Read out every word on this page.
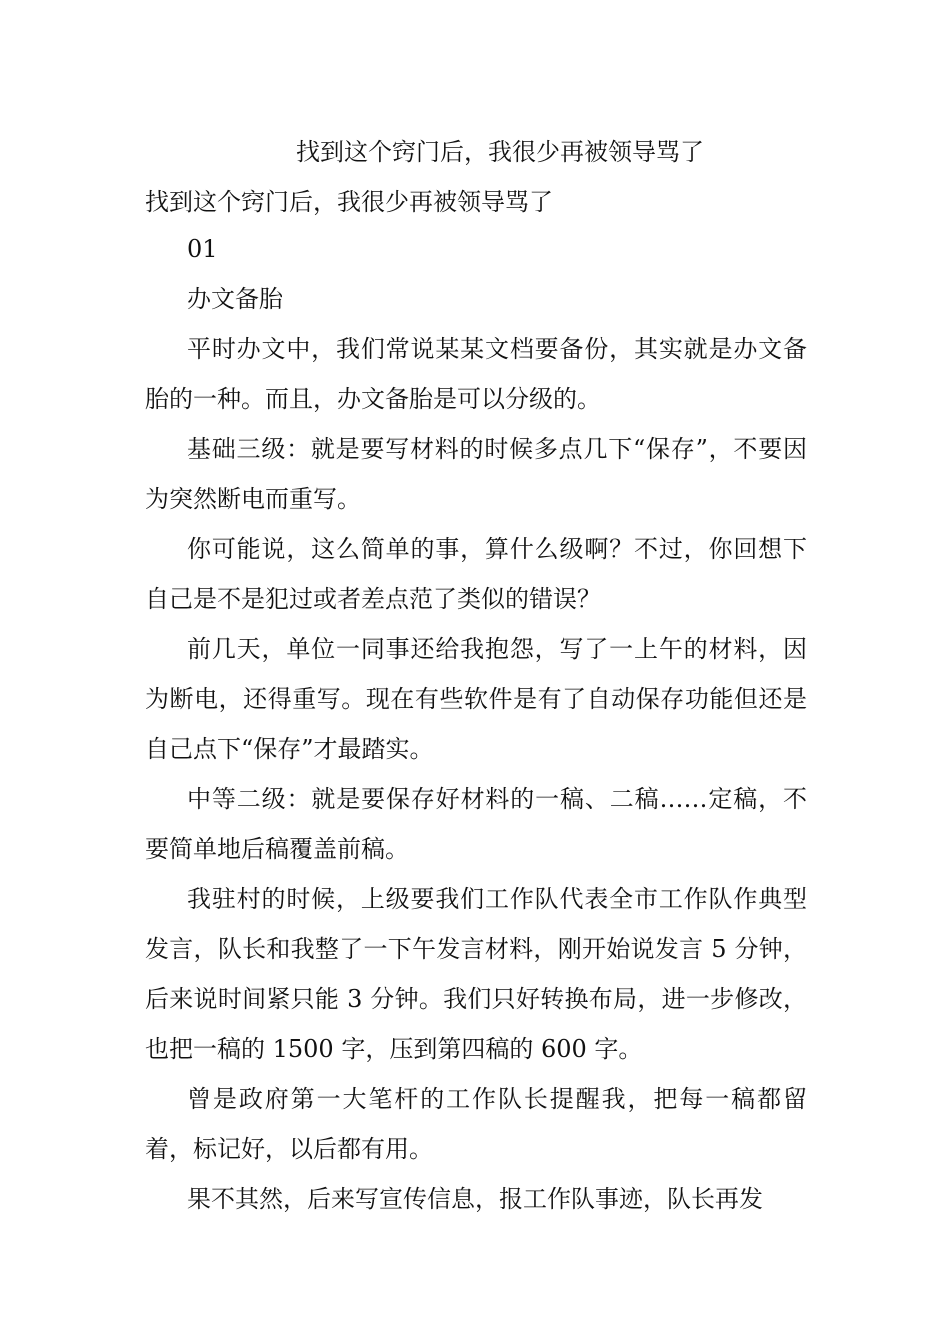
找到这个窍门后，我很少再被领导骂了

找到这个窍门后，我很少再被领导骂了

01

办文备胎

平时办文中，我们常说某某文档要备份，其实就是办文备胎的一种。而且，办文备胎是可以分级的。

基础三级：就是要写材料的时候多点几下“保存”，不要因为突然断电而重写。

你可能说，这么简单的事，算什么级啊？不过，你回想下自己是不是犯过或者差点范了类似的错误？

前几天，单位一同事还给我抱怨，写了一上午的材料，因为断电，还得重写。现在有些软件是有了自动保存功能但还是自己点下“保存”才最踏实。

中等二级：就是要保存好材料的一稿、二稿……定稿，不要简单地后稿覆盖前稿。

我驻村的时候，上级要我们工作队代表全市工作队作典型发言，队长和我整了一下午发言材料，刚开始说发言 5 分钟，后来说时间紧只能 3 分钟。我们只好转换布局，进一步修改，也把一稿的 1500 字，压到第四稿的 600 字。

曾是政府第一大笔杆的工作队长提醒我，把每一稿都留着，标记好，以后都有用。

果不其然，后来写宣传信息，报工作队事迹，队长再发
